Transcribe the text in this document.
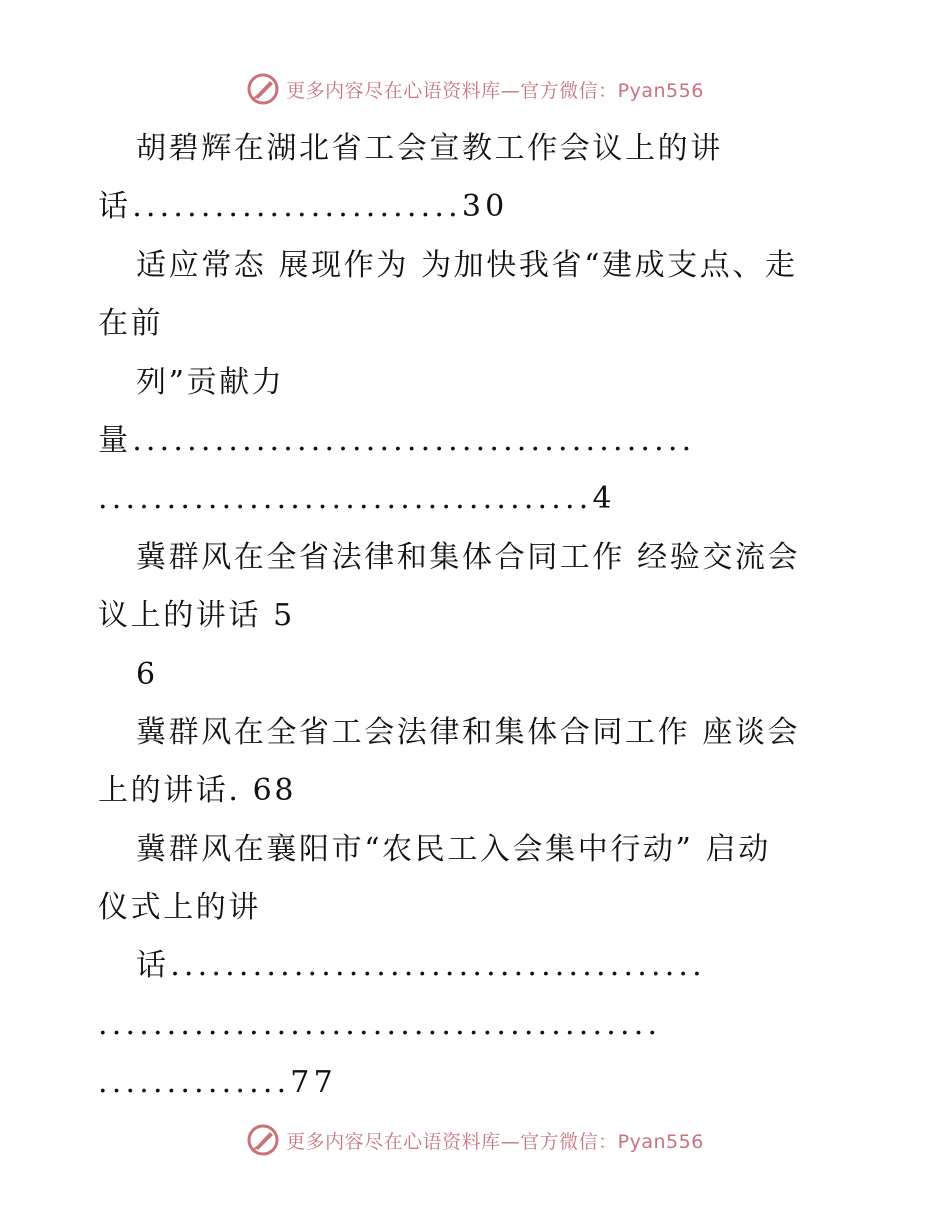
更多内容尽在心语资料库—官方微信：Pyan556
胡碧辉在湖北省工会宣教工作会议上的讲
话........................30
适应常态 展现作为 为加快我省“建成支点、走
在前
列”贡献力
量.........................................
....................................4
冀群风在全省法律和集体合同工作 经验交流会
议上的讲话 5
6
冀群风在全省工会法律和集体合同工作 座谈会
上的讲话. 68
冀群风在襄阳市“农民工入会集中行动” 启动
仪式上的讲
话.......................................
.........................................
..............77
更多内容尽在心语资料库—官方微信：Pyan556
